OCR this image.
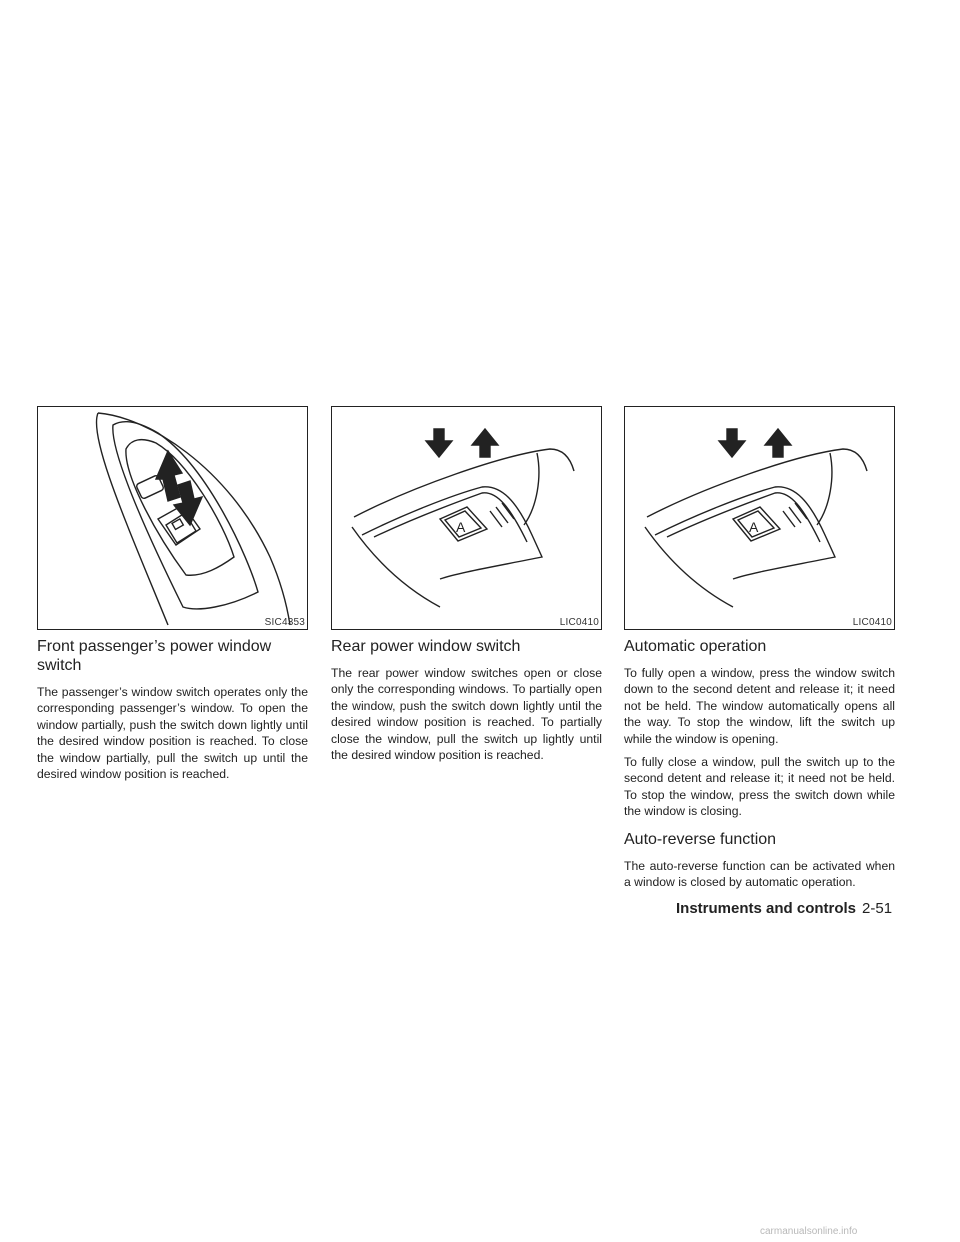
SIC4353
Front passenger’s power window switch

The passenger’s window switch operates only the corresponding passenger’s window. To open the window partially, push the switch down lightly until the desired window position is reached. To close the window partially, pull the switch up until the desired window position is reached.

A
LIC0410
Rear power window switch

The rear power window switches open or close only the corresponding windows. To partially open the window, push the switch down lightly until the desired window position is reached. To partially close the window, pull the switch up lightly until the desired window position is reached.

A
LIC0410
Automatic operation

To fully open a window, press the window switch down to the second detent and release it; it need not be held. The window automatically opens all the way. To stop the window, lift the switch up while the window is opening.

To fully close a window, pull the switch up to the second detent and release it; it need not be held. To stop the window, press the switch down while the window is closing.

Auto-reverse function

The auto-reverse function can be activated when a window is closed by automatic operation.

Instruments and controls 2-51
carmanualsonline.info
